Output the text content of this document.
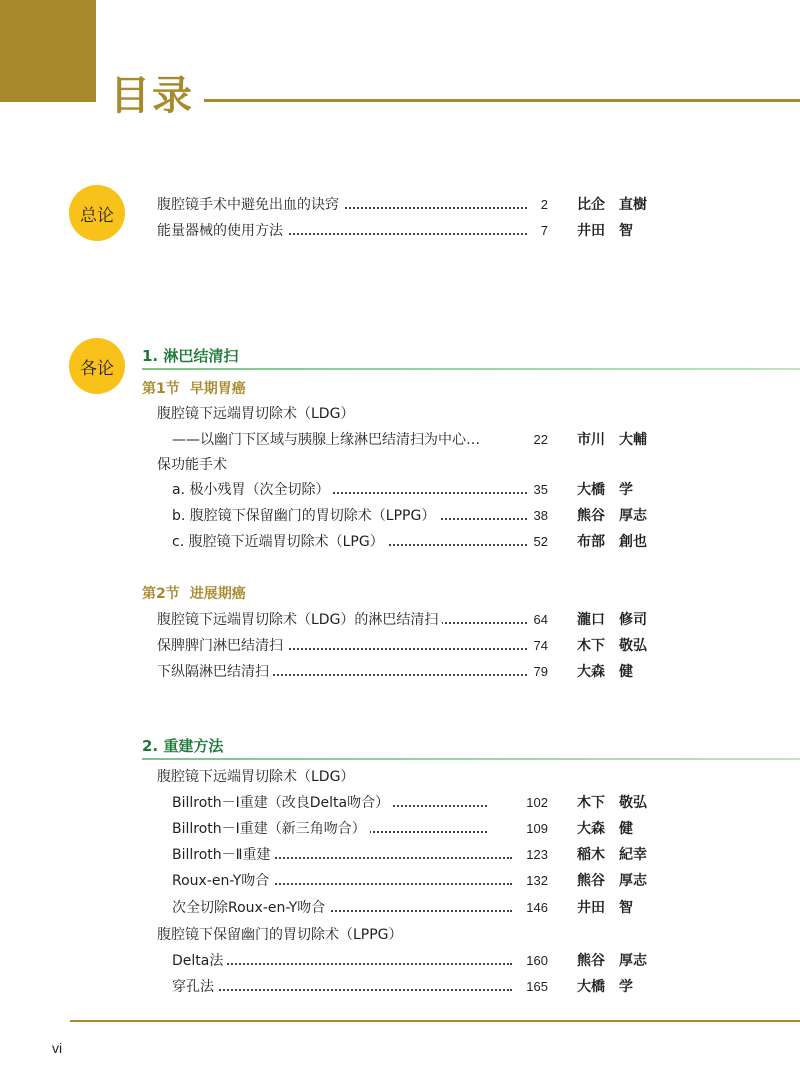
目录
总论
腹腔镜手术中避免出血的诀窍	2 比企　直樹
能量器械的使用方法	7 井田　智
各论
1. 淋巴结清扫
第1节 早期胃癌
腹腔镜下远端胃切除术（LDG）
——以幽门下区域与胰腺上缘淋巴结清扫为中心…	22 市川　大輔
保功能手术
a. 极小残胃（次全切除）	35 大橋　学
b. 腹腔镜下保留幽门的胃切除术（LPPG）	38 熊谷　厚志
c. 腹腔镜下近端胃切除术（LPG）	52 布部　創也
第2节 进展期癌
腹腔镜下远端胃切除术（LDG）的淋巴结清扫	64 瀧口　修司
保脾脾门淋巴结清扫	74 木下　敬弘
下纵隔淋巴结清扫	79 大森　健
2. 重建方法
腹腔镜下远端胃切除术（LDG）
Billroth－Ⅰ重建（改良Delta吻合）	102 木下　敬弘
Billroth－Ⅰ重建（新三角吻合）	109 大森　健
Billroth－Ⅱ重建	123 稲木　紀幸
Roux-en-Y吻合	132 熊谷　厚志
次全切除Roux-en-Y吻合	146 井田　智
腹腔镜下保留幽门的胃切除术（LPPG）
Delta法	160 熊谷　厚志
穿孔法	165 大橋　学
vi
